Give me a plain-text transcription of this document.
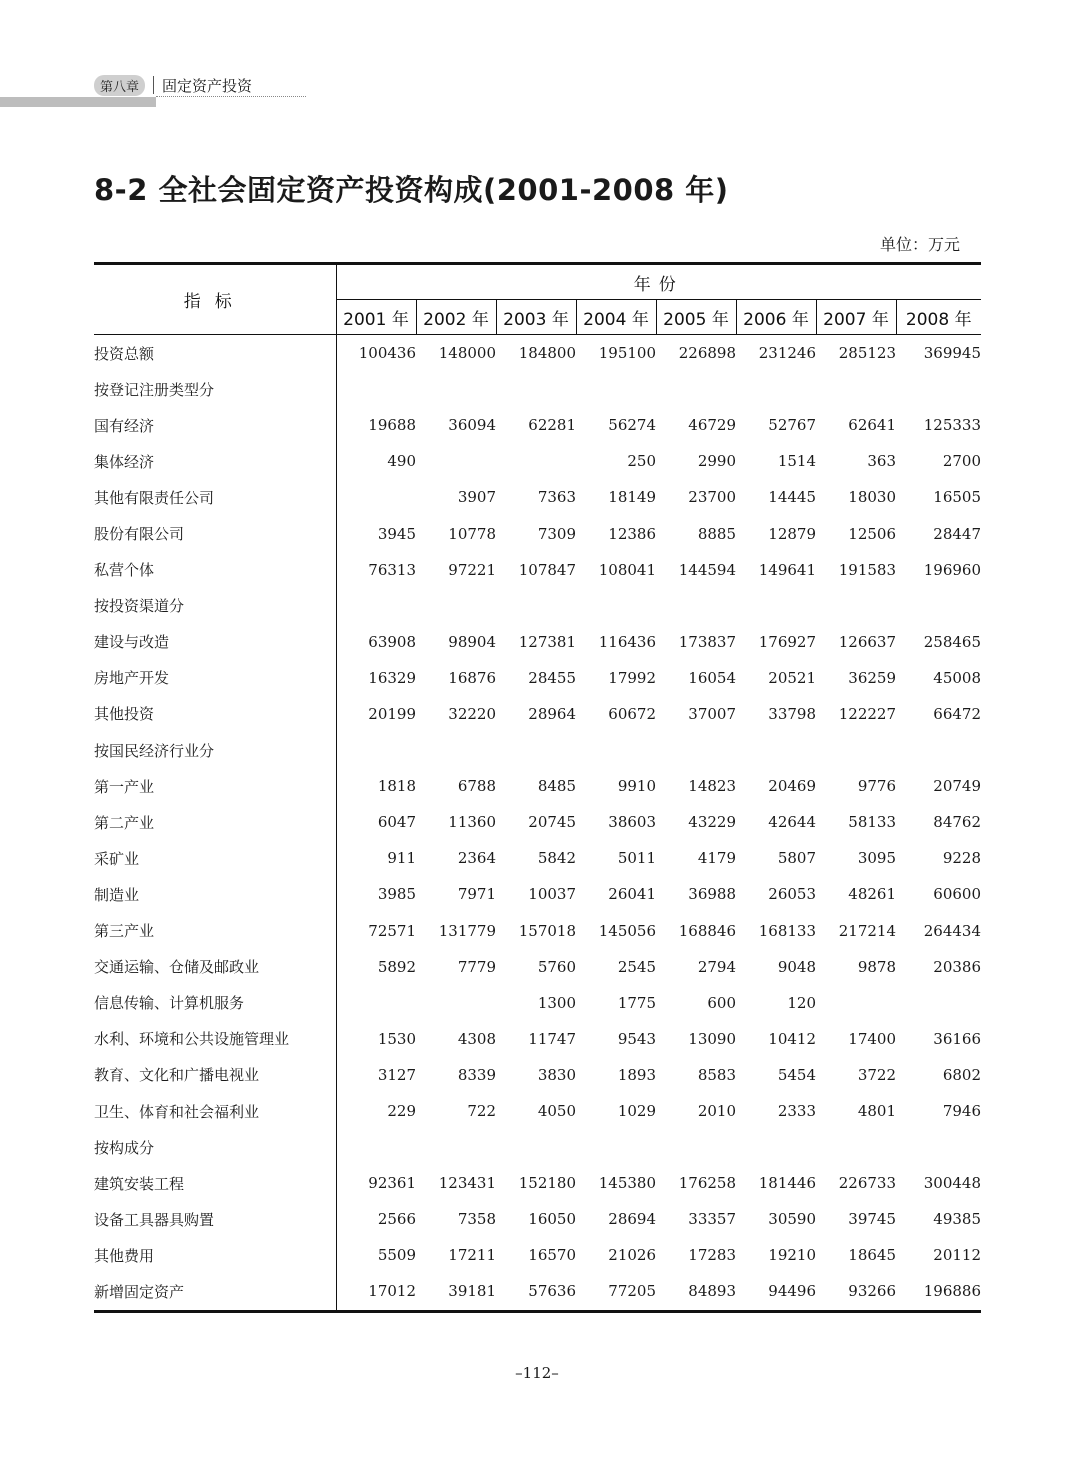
第八章	固定资产投资
8-2 全社会固定资产投资构成(2001-2008 年)
单位：万元
指标	年份							
	2001 年	2002 年	2003 年	2004 年	2005 年	2006 年	2007 年	2008 年
投资总额	100436	148000	184800	195100	226898	231246	285123	369945
按登记注册类型分								
国有经济	19688	36094	62281	56274	46729	52767	62641	125333
集体经济	490			250	2990	1514	363	2700
其他有限责任公司		3907	7363	18149	23700	14445	18030	16505
股份有限公司	3945	10778	7309	12386	8885	12879	12506	28447
私营个体	76313	97221	107847	108041	144594	149641	191583	196960
按投资渠道分								
建设与改造	63908	98904	127381	116436	173837	176927	126637	258465
房地产开发	16329	16876	28455	17992	16054	20521	36259	45008
其他投资	20199	32220	28964	60672	37007	33798	122227	66472
按国民经济行业分								
第一产业	1818	6788	8485	9910	14823	20469	9776	20749
第二产业	6047	11360	20745	38603	43229	42644	58133	84762
采矿业	911	2364	5842	5011	4179	5807	3095	9228
制造业	3985	7971	10037	26041	36988	26053	48261	60600
第三产业	72571	131779	157018	145056	168846	168133	217214	264434
交通运输、仓储及邮政业	5892	7779	5760	2545	2794	9048	9878	20386
信息传输、计算机服务			1300	1775	600	120		
水利、环境和公共设施管理业	1530	4308	11747	9543	13090	10412	17400	36166
教育、文化和广播电视业	3127	8339	3830	1893	8583	5454	3722	6802
卫生、体育和社会福利业	229	722	4050	1029	2010	2333	4801	7946
按构成分								
建筑安装工程	92361	123431	152180	145380	176258	181446	226733	300448
设备工具器具购置	2566	7358	16050	28694	33357	30590	39745	49385
其他费用	5509	17211	16570	21026	17283	19210	18645	20112
新增固定资产	17012	39181	57636	77205	84893	94496	93266	196886
–112–
